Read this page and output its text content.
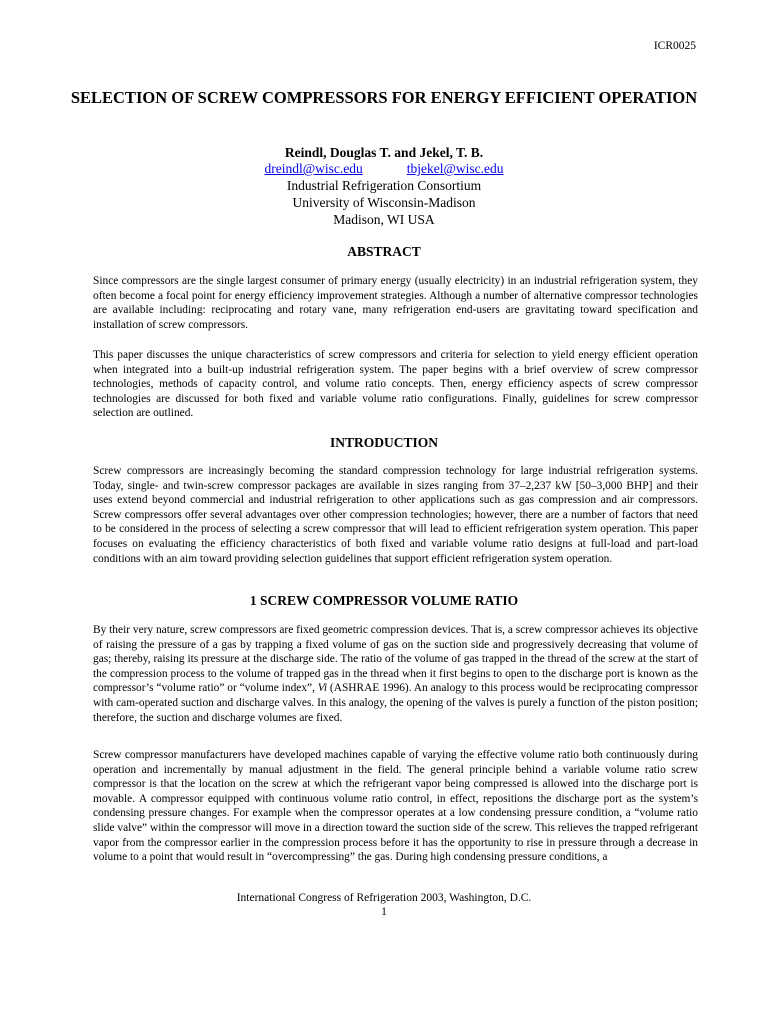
ICR0025
SELECTION OF SCREW COMPRESSORS FOR ENERGY EFFICIENT OPERATION
Reindl, Douglas T. and Jekel, T. B.
dreindl@wisc.edu	tbjekel@wisc.edu
Industrial Refrigeration Consortium
University of Wisconsin-Madison
Madison, WI USA
ABSTRACT

Since compressors are the single largest consumer of primary energy (usually electricity) in an industrial refrigeration system, they often become a focal point for energy efficiency improvement strategies. Although a number of alternative compressor technologies are available including: reciprocating and rotary vane, many refrigeration end-users are gravitating toward specification and installation of screw compressors.

This paper discusses the unique characteristics of screw compressors and criteria for selection to yield energy efficient operation when integrated into a built-up industrial refrigeration system. The paper begins with a brief overview of screw compressor technologies, methods of capacity control, and volume ratio concepts. Then, energy efficiency aspects of screw compressor technologies are discussed for both fixed and variable volume ratio configurations. Finally, guidelines for screw compressor selection are outlined.

INTRODUCTION

Screw compressors are increasingly becoming the standard compression technology for large industrial refrigeration systems. Today, single- and twin-screw compressor packages are available in sizes ranging from 37–2,237 kW [50–3,000 BHP] and their uses extend beyond commercial and industrial refrigeration to other applications such as gas compression and air compressors. Screw compressors offer several advantages over other compression technologies; however, there are a number of factors that need to be considered in the process of selecting a screw compressor that will lead to efficient refrigeration system operation. This paper focuses on evaluating the efficiency characteristics of both fixed and variable volume ratio designs at full-load and part-load conditions with an aim toward providing selection guidelines that support efficient refrigeration system operation.

1 SCREW COMPRESSOR VOLUME RATIO

By their very nature, screw compressors are fixed geometric compression devices. That is, a screw compressor achieves its objective of raising the pressure of a gas by trapping a fixed volume of gas on the suction side and progressively decreasing that volume of gas; thereby, raising its pressure at the discharge side. The ratio of the volume of gas trapped in the thread of the screw at the start of the compression process to the volume of trapped gas in the thread when it first begins to open to the discharge port is known as the compressor’s “volume ratio” or “volume index”, Vi (ASHRAE 1996). An analogy to this process would be reciprocating compressor with cam-operated suction and discharge valves. In this analogy, the opening of the valves is purely a function of the piston position; therefore, the suction and discharge volumes are fixed.

Screw compressor manufacturers have developed machines capable of varying the effective volume ratio both continuously during operation and incrementally by manual adjustment in the field. The general principle behind a variable volume ratio screw compressor is that the location on the screw at which the refrigerant vapor being compressed is allowed into the discharge port is movable. A compressor equipped with continuous volume ratio control, in effect, repositions the discharge port as the system’s condensing pressure changes. For example when the compressor operates at a low condensing pressure condition, a “volume ratio slide valve” within the compressor will move in a direction toward the suction side of the screw. This relieves the trapped refrigerant vapor from the compressor earlier in the compression process before it has the opportunity to rise in pressure through a decrease in volume to a point that would result in “overcompressing” the gas. During high condensing pressure conditions, a

International Congress of Refrigeration 2003, Washington, D.C.
1
